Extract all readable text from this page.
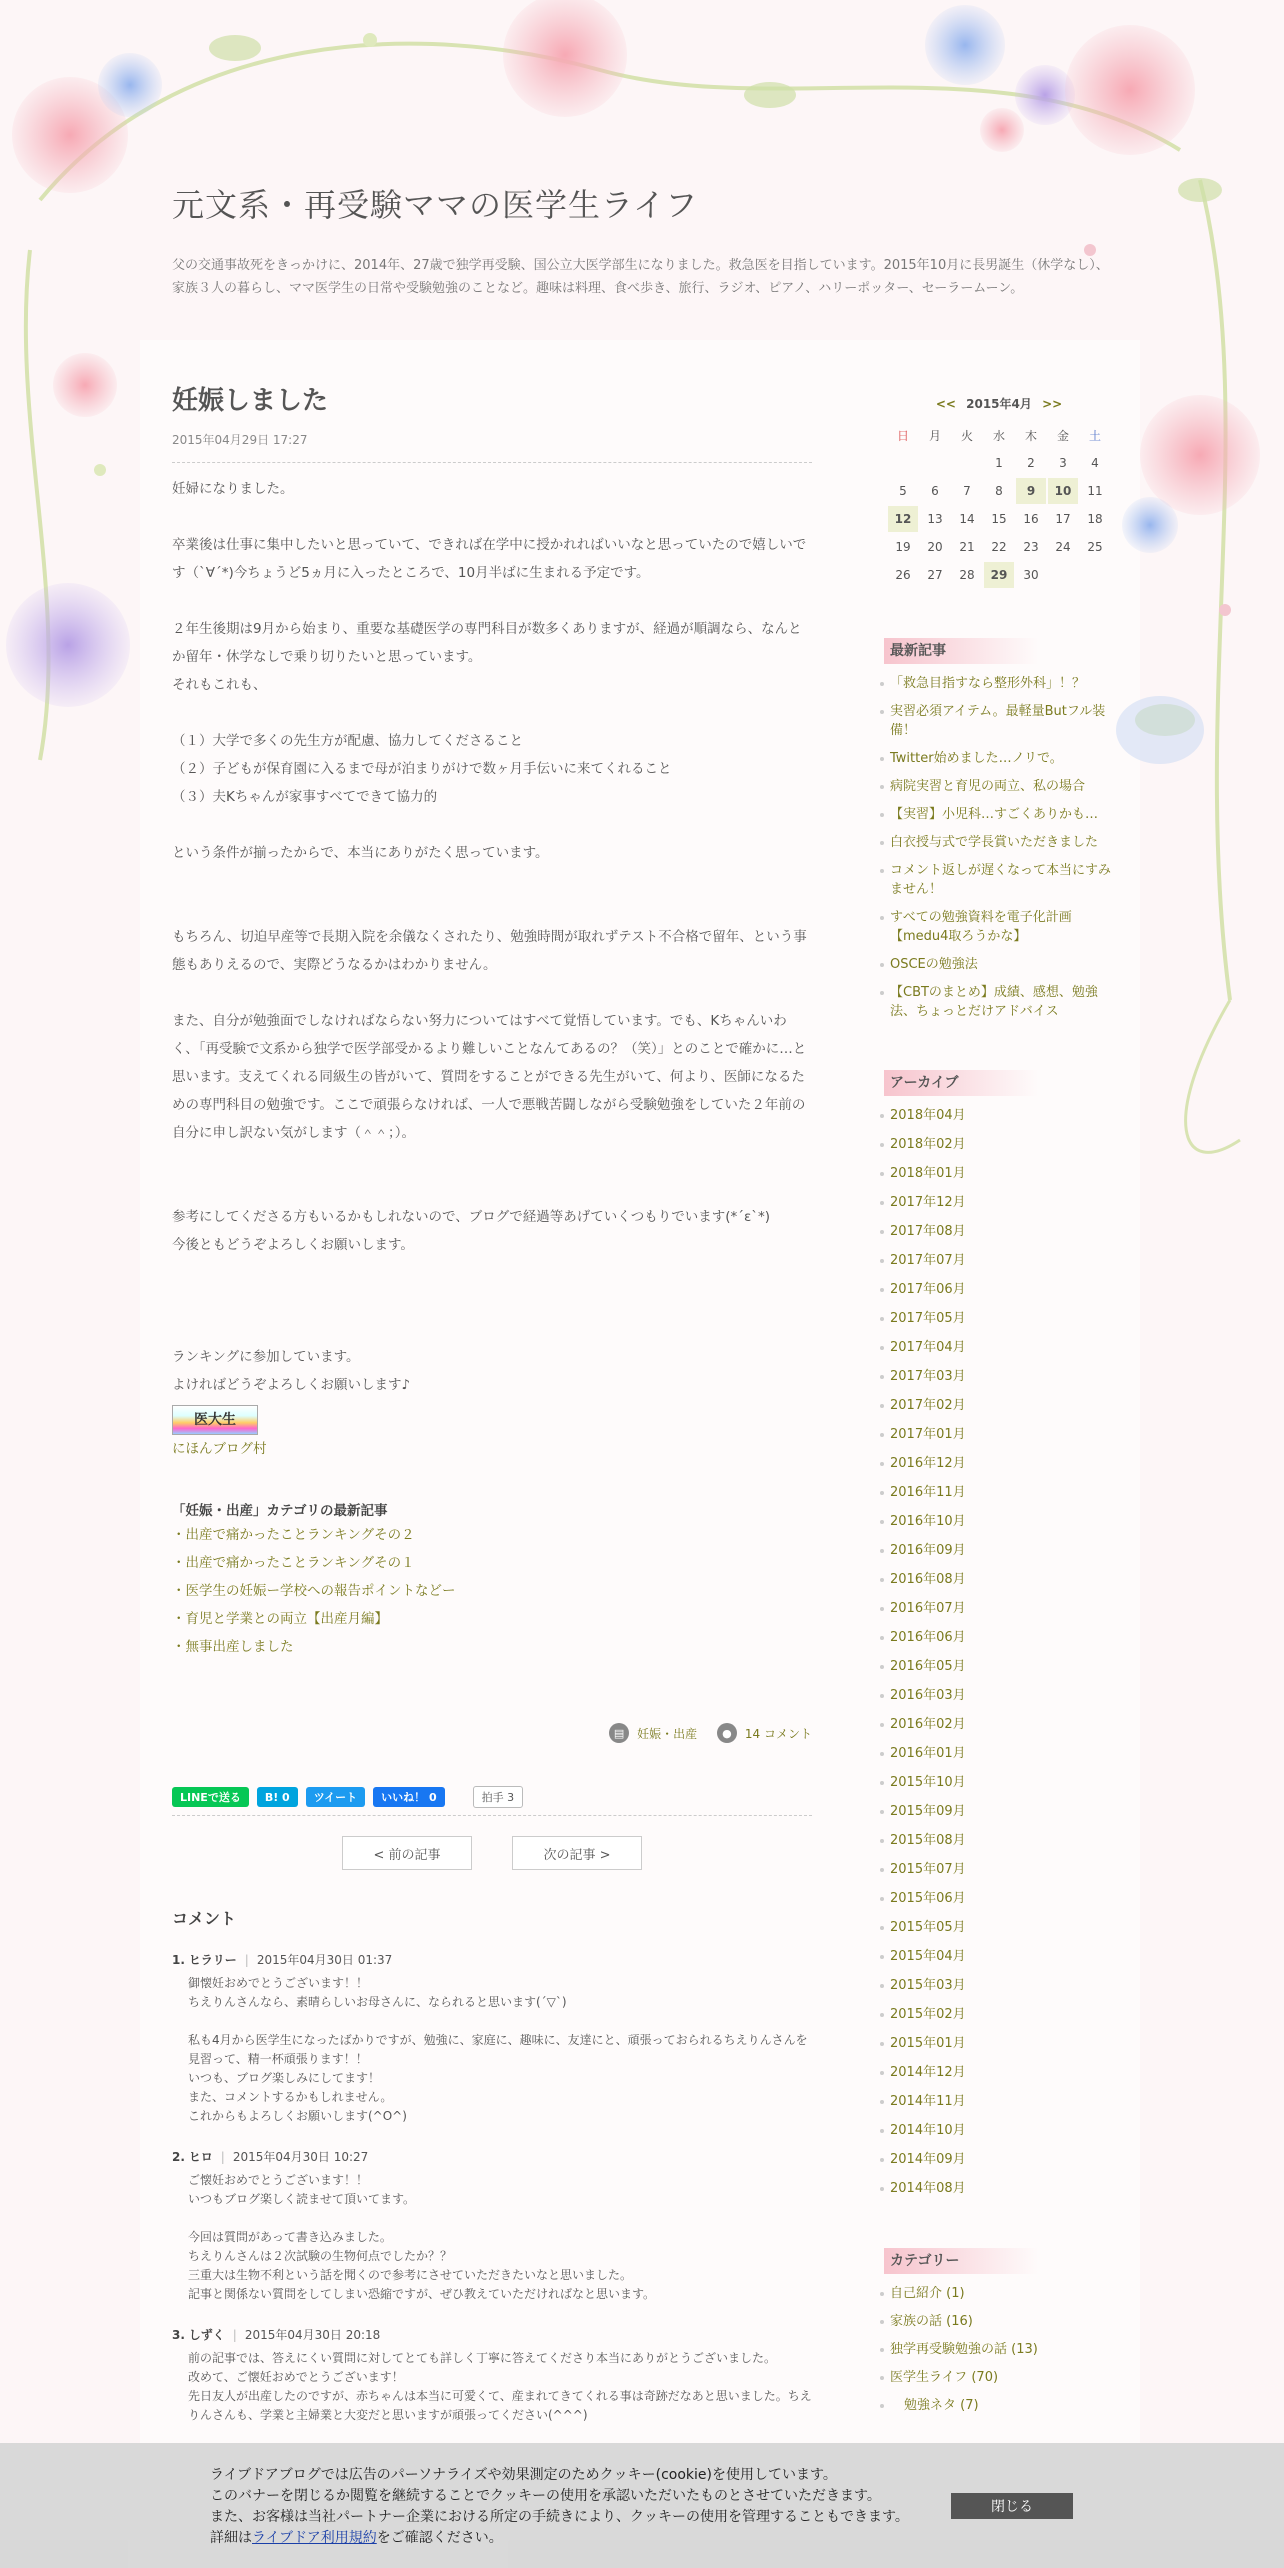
元文系・再受験ママの医学生ライフ
父の交通事故死をきっかけに、2014年、27歳で独学再受験、国公立大医学部生になりました。救急医を目指しています。2015年10月に長男誕生（休学なし）、家族３人の暮らし、ママ医学生の日常や受験勉強のことなど。趣味は料理、食べ歩き、旅行、ラジオ、ピアノ、ハリーポッター、セーラームーン。
妊娠しました
2015年04月29日 17:27

妊婦になりました。

卒業後は仕事に集中したいと思っていて、できれば在学中に授かれればいいなと思っていたので嬉しいです（`∀´*)今ちょうど5ヵ月に入ったところで、10月半ばに生まれる予定です。

２年生後期は9月から始まり、重要な基礎医学の専門科目が数多くありますが、経過が順調なら、なんとか留年・休学なしで乗り切りたいと思っています。

それもこれも、

（１）大学で多くの先生方が配慮、協力してくださること

（２）子どもが保育園に入るまで母が泊まりがけで数ヶ月手伝いに来てくれること

（３）夫Kちゃんが家事すべてできて協力的

という条件が揃ったからで、本当にありがたく思っています。

もちろん、切迫早産等で長期入院を余儀なくされたり、勉強時間が取れずテスト不合格で留年、という事態もありえるので、実際どうなるかはわかりません。

また、自分が勉強面でしなければならない努力についてはすべて覚悟しています。でも、Kちゃんいわく、「再受験で文系から独学で医学部受かるより難しいことなんてあるの？（笑）」とのことで確かに…と思います。支えてくれる同級生の皆がいて、質問をすることができる先生がいて、何より、医師になるための専門科目の勉強です。ここで頑張らなければ、一人で悪戦苦闘しながら受験勉強をしていた２年前の自分に申し訳ない気がします（＾＾；）。

参考にしてくださる方もいるかもしれないので、ブログで経過等あげていくつもりでいます(*´ε`*)

今後ともどうぞよろしくお願いします。

ランキングに参加しています。

よければどうぞよろしくお願いします♪

医大生
にほんブログ村
「妊娠・出産」カテゴリの最新記事
・ 出産で痛かったことランキングその２
・ 出産で痛かったことランキングその１
・ 医学生の妊娠ー学校への報告ポイントなどー
・ 育児と学業との両立【出産月編】
・ 無事出産しました
▤	妊娠・出産
	●	14 コメント
LINEで送る	B! 0	ツイート	いいね！ 0	拍手 3
< 前の記事	次の記事 >
コメント
1. ヒラリー | 2015年04月30日 01:37

御懐妊おめでとうございます！！

ちえりんさんなら、素晴らしいお母さんに、なられると思います(´▽`)

私も4月から医学生になったばかりですが、勉強に、家庭に、趣味に、友達にと、頑張っておられるちえりんさんを見習って、精一杯頑張ります！！

いつも、ブログ楽しみにしてます！

また、コメントするかもしれません。

これからもよろしくお願いします(^O^)

2. ヒロ | 2015年04月30日 10:27

ご懐妊おめでとうございます！！

いつもブログ楽しく読ませて頂いてます。

今回は質問があって書き込みました。

ちえりんさんは２次試験の生物何点でしたか？？

三重大は生物不利という話を聞くので参考にさせていただきたいなと思いました。

記事と関係ない質問をしてしまい恐縮ですが、ぜひ教えていただければなと思います。

3. しずく | 2015年04月30日 20:18

前の記事では、答えにくい質問に対してとても詳しく丁寧に答えてくださり本当にありがとうございました。

改めて、ご懐妊おめでとうございます！

先日友人が出産したのですが、赤ちゃんは本当に可愛くて、産まれてきてくれる事は奇跡だなあと思いました。ちえりんさんも、学業と主婦業と大変だと思いますが頑張ってください(^^^)

<< 2015年4月 >>
日	月	火	水	木	金	土
			1	2	3	4
5	6	7	8	9	10	11
12	13	14	15	16	17	18
19	20	21	22	23	24	25
26	27	28	29	30		
最新記事
「救急目指すなら整形外科」！？
実習必須アイテム。最軽量Butフル装備！
Twitter始めました…ノリで。
病院実習と育児の両立、私の場合
【実習】小児科…すごくありかも…
白衣授与式で学長賞いただきました
コメント返しが遅くなって本当にすみません！
すべての勉強資料を電子化計画【medu4取ろうかな】
OSCEの勉強法
【CBTのまとめ】成績、感想、勉強法、ちょっとだけアドバイス
アーカイブ
2018年04月
2018年02月
2018年01月
2017年12月
2017年08月
2017年07月
2017年06月
2017年05月
2017年04月
2017年03月
2017年02月
2017年01月
2016年12月
2016年11月
2016年10月
2016年09月
2016年08月
2016年07月
2016年06月
2016年05月
2016年03月
2016年02月
2016年01月
2015年10月
2015年09月
2015年08月
2015年07月
2015年06月
2015年05月
2015年04月
2015年03月
2015年02月
2015年01月
2014年12月
2014年11月
2014年10月
2014年09月
2014年08月
カテゴリー
自己紹介 (1)
家族の話 (16)
独学再受験勉強の話 (13)
医学生ライフ (70)
勉強ネタ (7)
ライブドアブログでは広告のパーソナライズや効果測定のためクッキー(cookie)を使用しています。
このバナーを閉じるか閲覧を継続することでクッキーの使用を承認いただいたものとさせていただきます。
また、お客様は当社パートナー企業における所定の手続きにより、クッキーの使用を管理することもできます。
詳細はライブドア利用規約をご確認ください。
閉じる
